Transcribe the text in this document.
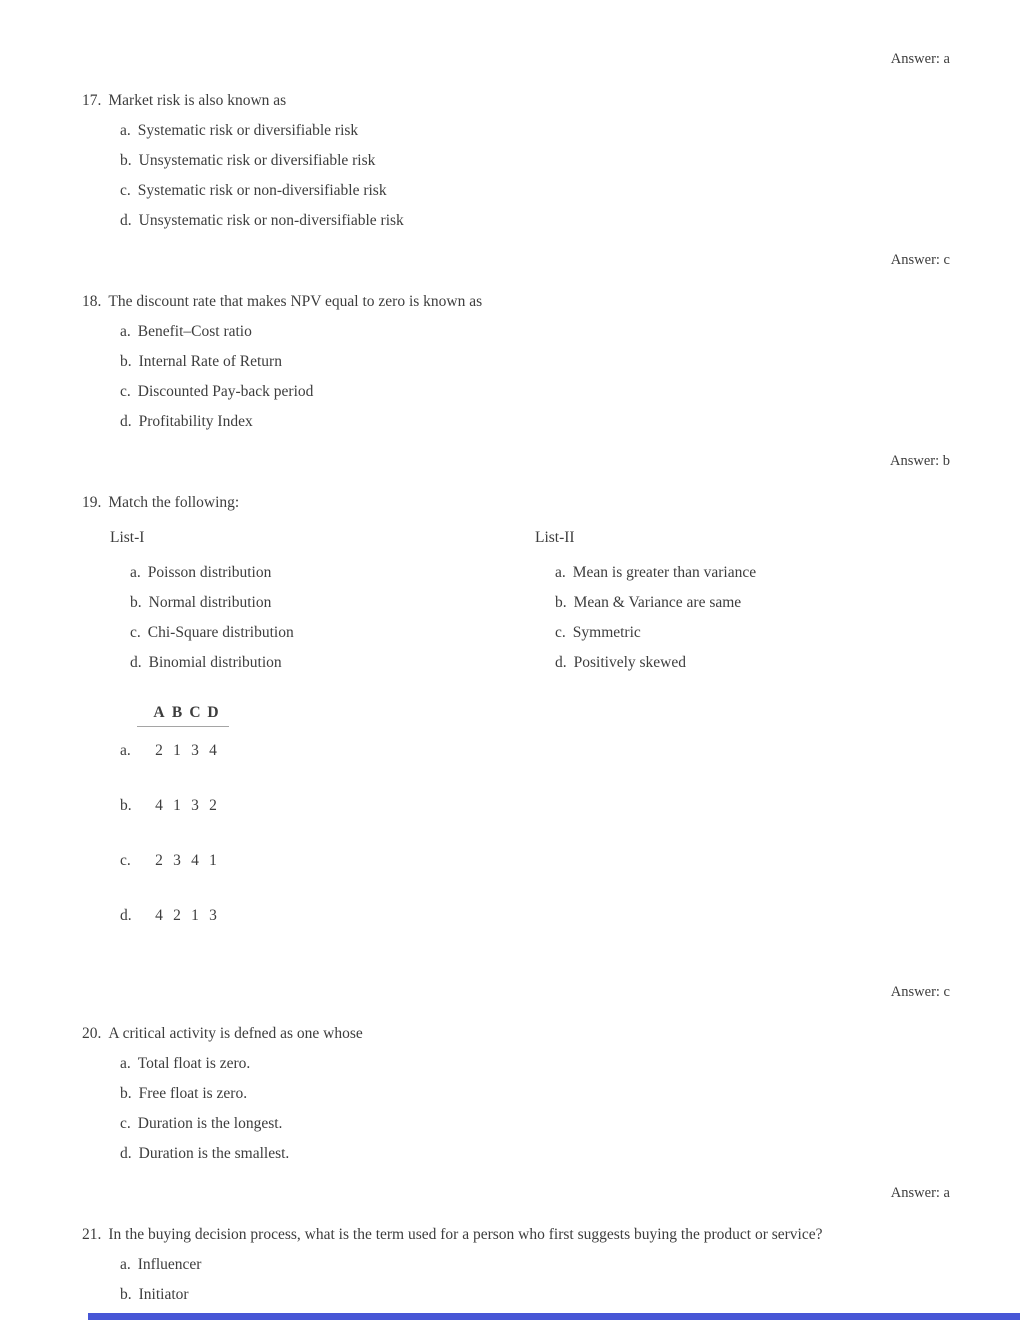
Answer: a
17. Market risk is also known as
a. Systematic risk or diversifiable risk
b. Unsystematic risk or diversifiable risk
c. Systematic risk or non-diversifiable risk
d. Unsystematic risk or non-diversifiable risk
Answer: c
18. The discount rate that makes NPV equal to zero is known as
a. Benefit–Cost ratio
b. Internal Rate of Return
c. Discounted Pay-back period
d. Profitability Index
Answer: b
19. Match the following:
List-I
a. Poisson distribution
b. Normal distribution
c. Chi-Square distribution
d. Binomial distribution
List-II
a. Mean is greater than variance
b. Mean & Variance are same
c. Symmetric
d. Positively skewed
A B C D
a.	2 1 3 4
b.	4 1 3 2
c.	2 3 4 1
d.	4 2 1 3
Answer: c
20. A critical activity is defned as one whose
a. Total float is zero.
b. Free float is zero.
c. Duration is the longest.
d. Duration is the smallest.
Answer: a
21. In the buying decision process, what is the term used for a person who first suggests buying the product or service?
a. Influencer
b. Initiator
